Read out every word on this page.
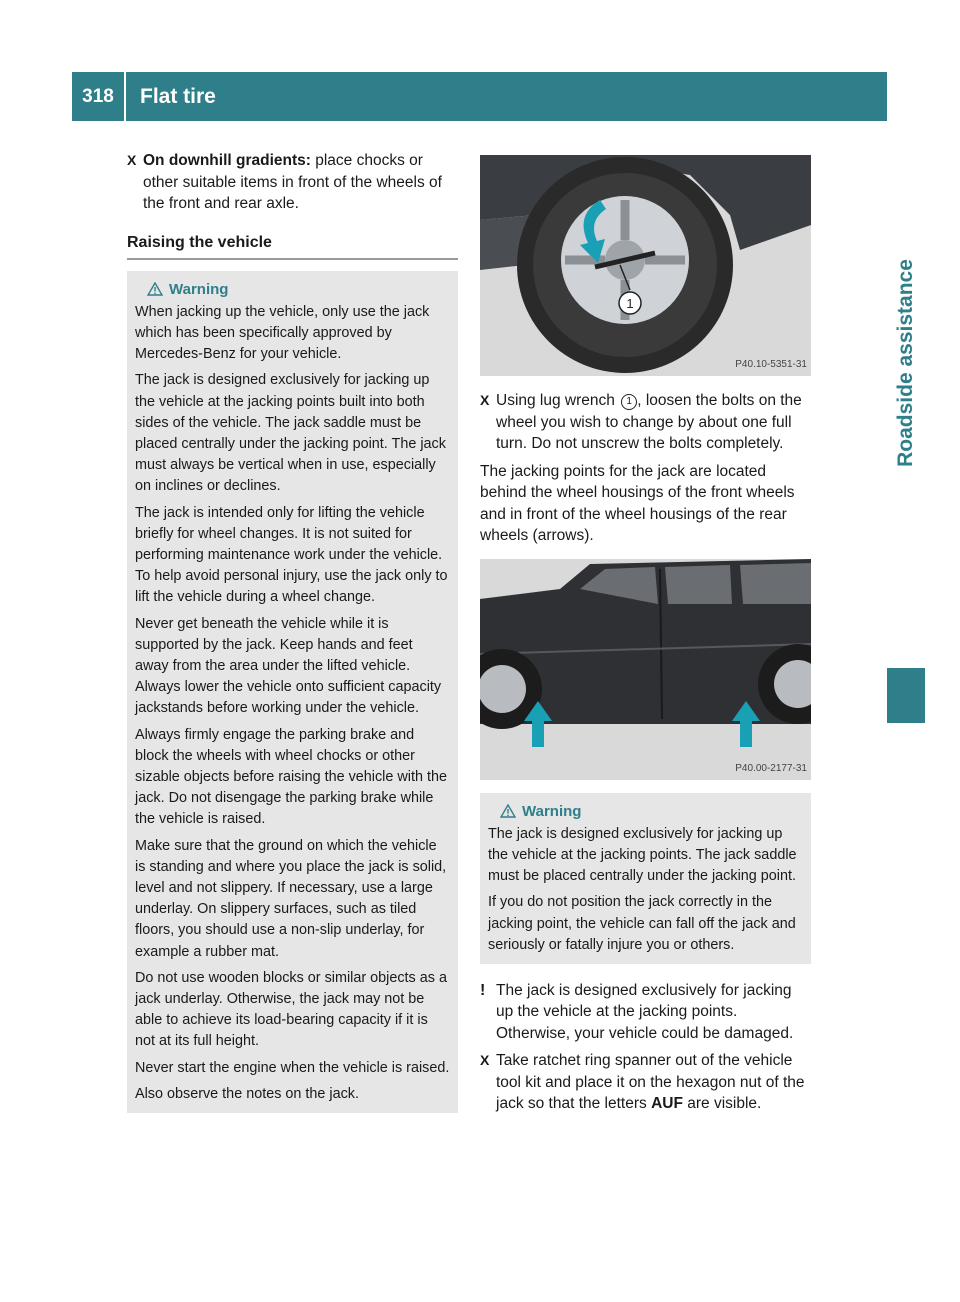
318	Flat tire
Roadside assistance
X On downhill gradients: place chocks or other suitable items in front of the wheels of the front and rear axle.
Raising the vehicle
Warning

When jacking up the vehicle, only use the jack which has been specifically approved by Mercedes-Benz for your vehicle.

The jack is designed exclusively for jacking up the vehicle at the jacking points built into both sides of the vehicle. The jack saddle must be placed centrally under the jacking point. The jack must always be vertical when in use, especially on inclines or declines.

The jack is intended only for lifting the vehicle briefly for wheel changes. It is not suited for performing maintenance work under the vehicle. To help avoid personal injury, use the jack only to lift the vehicle during a wheel change.

Never get beneath the vehicle while it is supported by the jack. Keep hands and feet away from the area under the lifted vehicle. Always lower the vehicle onto sufficient capacity jackstands before working under the vehicle.

Always firmly engage the parking brake and block the wheels with wheel chocks or other sizable objects before raising the vehicle with the jack. Do not disengage the parking brake while the vehicle is raised.

Make sure that the ground on which the vehicle is standing and where you place the jack is solid, level and not slippery. If necessary, use a large underlay. On slippery surfaces, such as tiled floors, you should use a non-slip underlay, for example a rubber mat.

Do not use wooden blocks or similar objects as a jack underlay. Otherwise, the jack may not be able to achieve its load-bearing capacity if it is not at its full height.

Never start the engine when the vehicle is raised.

Also observe the notes on the jack.

1
P40.10-5351-31
X Using lug wrench 1 , loosen the bolts on the wheel you wish to change by about one full turn. Do not unscrew the bolts completely.

The jacking points for the jack are located behind the wheel housings of the front wheels and in front of the wheel housings of the rear wheels (arrows).

P40.00-2177-31
Warning

The jack is designed exclusively for jacking up the vehicle at the jacking points. The jack saddle must be placed centrally under the jacking point.

If you do not position the jack correctly in the jacking point, the vehicle can fall off the jack and seriously or fatally injure you or others.

! The jack is designed exclusively for jacking up the vehicle at the jacking points. Otherwise, your vehicle could be damaged.
X Take ratchet ring spanner out of the vehicle tool kit and place it on the hexagon nut of the jack so that the letters AUF are visible.
